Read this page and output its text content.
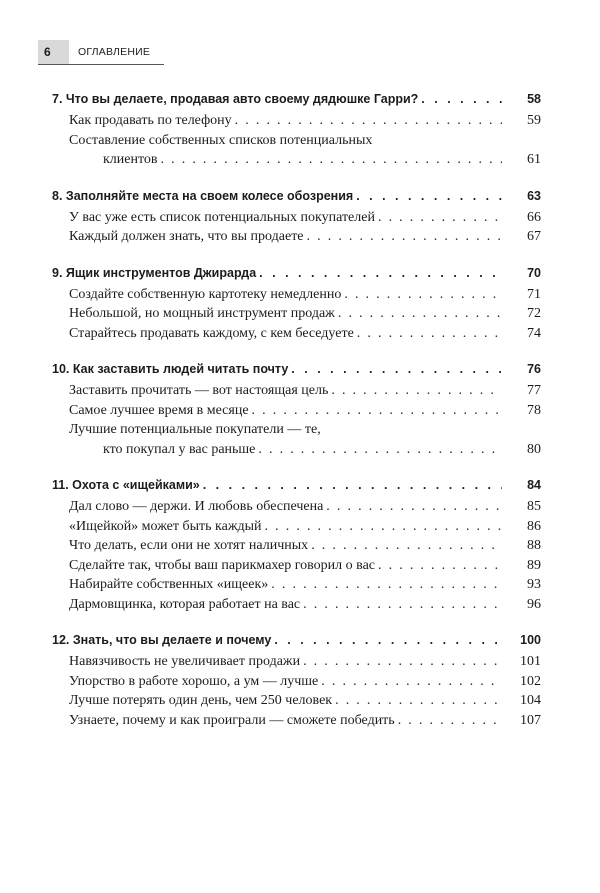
6	ОГЛАВЛЕНИЕ
7. Что вы делаете, продавая авто своему дядюшке Гарри? . . .	58
Как продавать по телефону . . .	59
Составление собственных списков потенциальных
клиентов . . .	61
8. Заполняйте места на своем колесе обозрения . . .	63
У вас уже есть список потенциальных покупателей . . .	66
Каждый должен знать, что вы продаете . . .	67
9. Ящик инструментов Джирарда . . .	70
Создайте собственную картотеку немедленно . . .	71
Небольшой, но мощный инструмент продаж . . .	72
Старайтесь продавать каждому, с кем беседуете . . .	74
10. Как заставить людей читать почту . . .	76
Заставить прочитать — вот настоящая цель . . .	77
Самое лучшее время в месяце . . .	78
Лучшие потенциальные покупатели — те,
кто покупал у вас раньше . . .	80
11. Охота с «ищейками» . . .	84
Дал слово — держи. И любовь обеспечена . . .	85
«Ищейкой» может быть каждый . . .	86
Что делать, если они не хотят наличных . . .	88
Сделайте так, чтобы ваш парикмахер говорил о вас . . .	89
Набирайте собственных «ищеек» . . .	93
Дармовщинка, которая работает на вас . . .	96
12. Знать, что вы делаете и почему . . .	100
Навязчивость не увеличивает продажи . . .	101
Упорство в работе хорошо, а ум — лучше . . .	102
Лучше потерять один день, чем 250 человек . . .	104
Узнаете, почему и как проиграли — сможете победить . . .	107
